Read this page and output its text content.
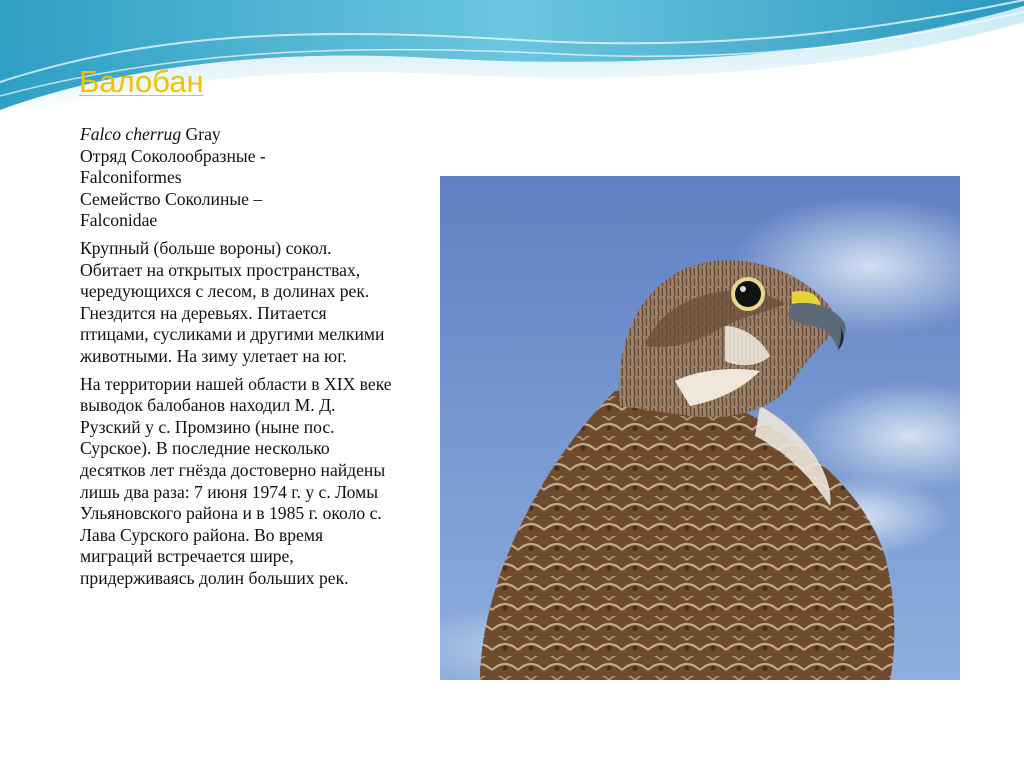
Балобан

Falco cherrug Gray

Отряд Соколообразные -

Falconiformes

Семейство Соколиные –

Falconidae

Крупный (больше вороны) сокол. Обитает на открытых пространствах, чередующихся с лесом, в долинах рек. Гнездится на деревьях. Питается птицами, сусликами и другими мелкими животными. На зиму улетает на юг.

На территории нашей области в XIX веке выводок балобанов находил М. Д. Рузский у с. Промзино (ныне пос. Сурское). В последние несколько десятков лет гнёзда достоверно найдены лишь два раза: 7 июня 1974 г. у с. Ломы Ульяновского района и в 1985 г. около с. Лава Сурского района. Во время миграций встречается шире, придерживаясь долин больших рек.
